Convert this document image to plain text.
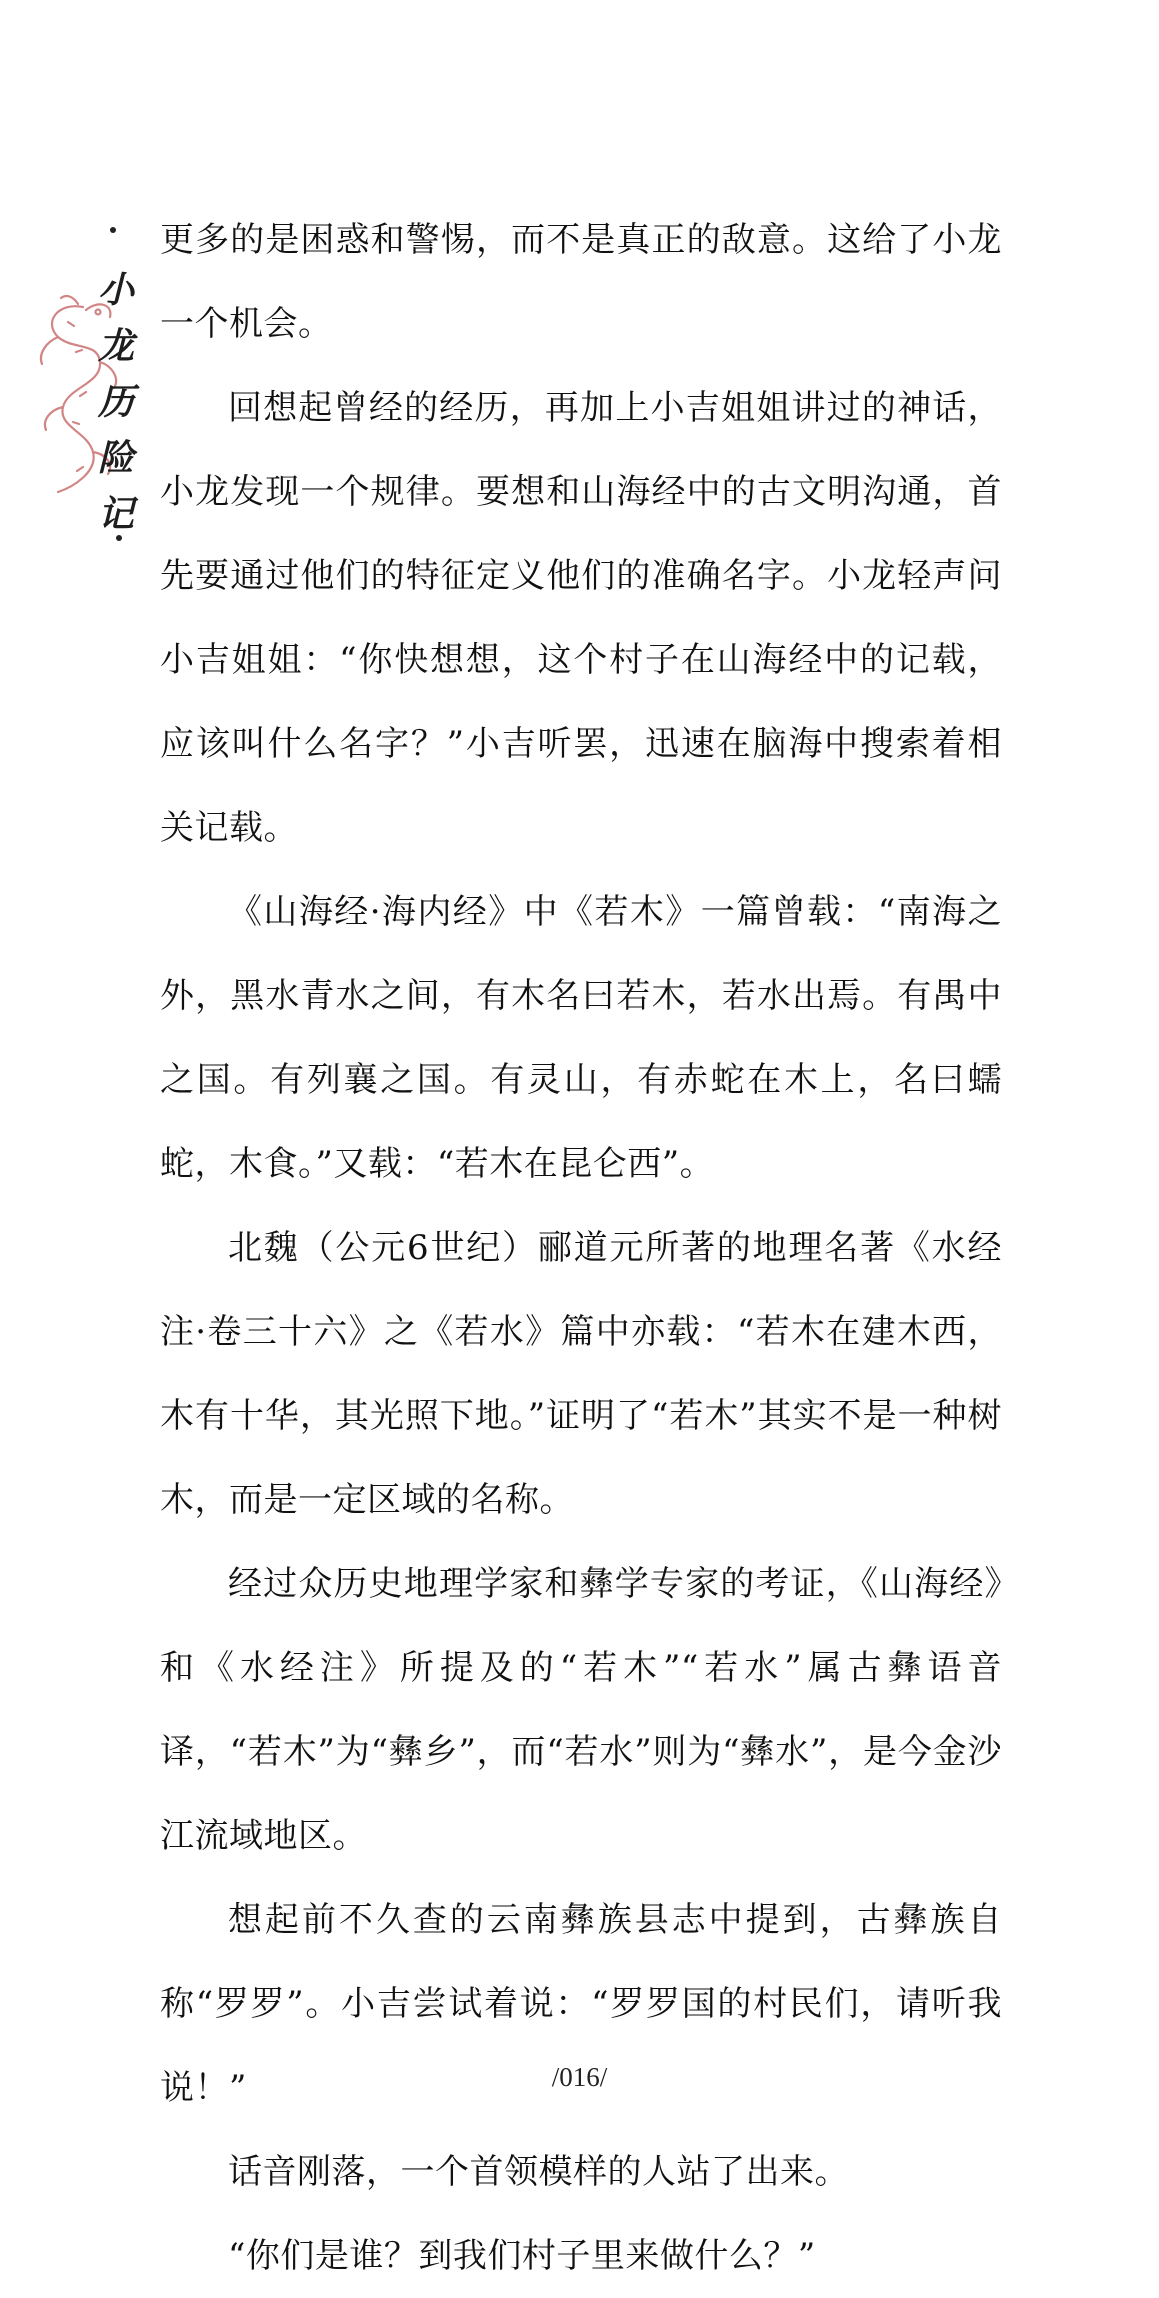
小
龙
历
险
记

更多的是困惑和警惕，而不是真正的敌意。这给了小龙一个机会。

回想起曾经的经历，再加上小吉姐姐讲过的神话，小龙发现一个规律。要想和山海经中的古文明沟通，首先要通过他们的特征定义他们的准确名字。小龙轻声问小吉姐姐：“你快想想，这个村子在山海经中的记载，应该叫什么名字？”小吉听罢，迅速在脑海中搜索着相关记载。

《山海经·海内经》中《若木》一篇曾载：“南海之外，黑水青水之间，有木名曰若木，若水出焉。有禺中之国。有列襄之国。有灵山，有赤蛇在木上，名曰蠕蛇，木食。”又载：“若木在昆仑西”。

北魏（公元6世纪）郦道元所著的地理名著《水经注·卷三十六》之《若水》篇中亦载：“若木在建木西，木有十华，其光照下地。”证明了“若木”其实不是一种树木，而是一定区域的名称。

经过众历史地理学家和彝学专家的考证，《山海经》和《水经注》所提及的“若木”“若水”属古彝语音译，“若木”为“彝乡”，而“若水”则为“彝水”，是今金沙江流域地区。

想起前不久查的云南彝族县志中提到，古彝族自称“罗罗”。小吉尝试着说：“罗罗国的村民们，请听我说！”

话音刚落，一个首领模样的人站了出来。

“你们是谁？到我们村子里来做什么？”

/016/
